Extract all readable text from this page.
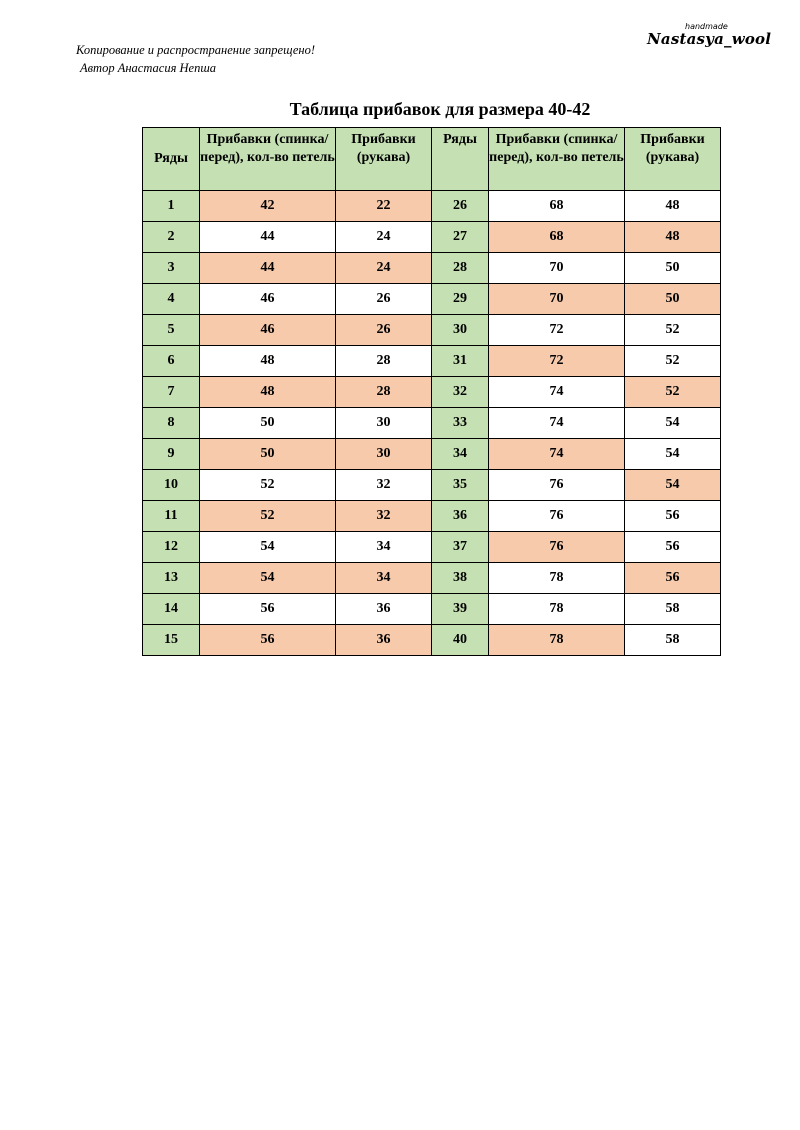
Копирование и распространение запрещено!
Автор Анастасия Непша
handmade
Nastasya_wool
Таблица прибавок для размера 40-42
Ряды	Прибавки (спинка/перед), кол-во петель	Прибавки (рукава)	Ряды	Прибавки (спинка/перед), кол-во петель	Прибавки (рукава)
1	42	22	26	68	48
2	44	24	27	68	48
3	44	24	28	70	50
4	46	26	29	70	50
5	46	26	30	72	52
6	48	28	31	72	52
7	48	28	32	74	52
8	50	30	33	74	54
9	50	30	34	74	54
10	52	32	35	76	54
11	52	32	36	76	56
12	54	34	37	76	56
13	54	34	38	78	56
14	56	36	39	78	58
15	56	36	40	78	58
